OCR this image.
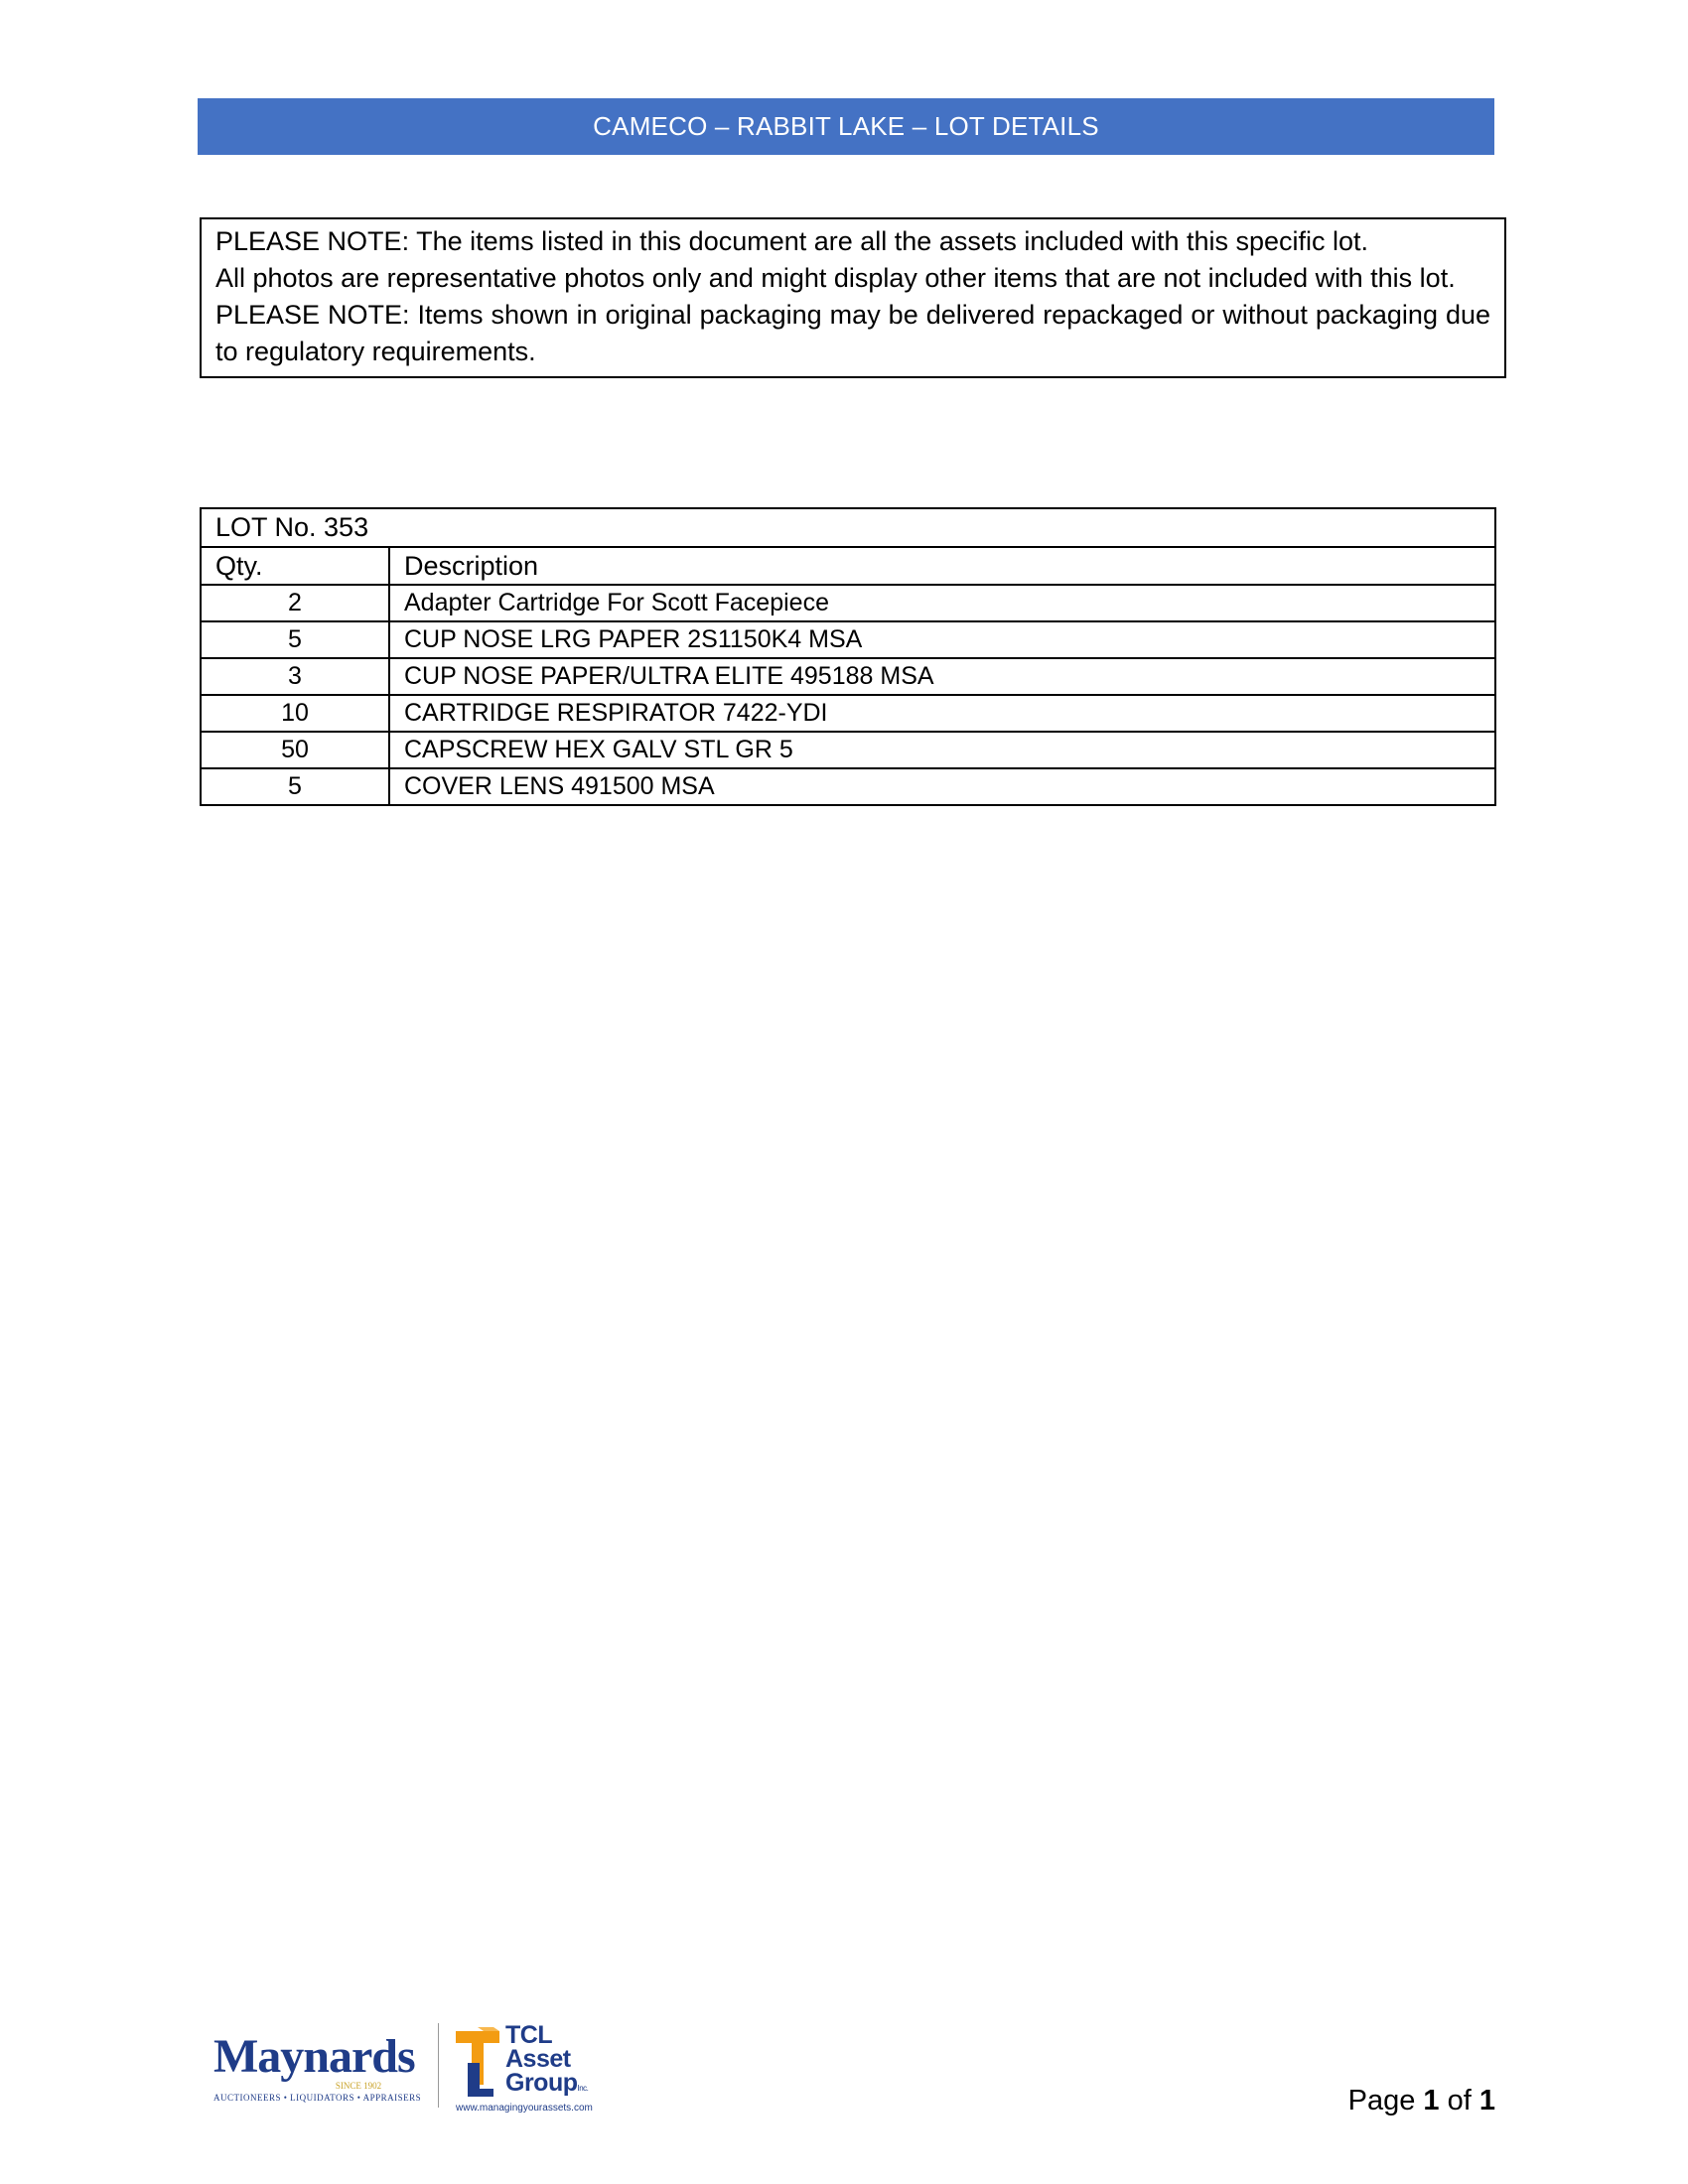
CAMECO – RABBIT LAKE – LOT DETAILS

PLEASE NOTE: The items listed in this document are all the assets included with this specific lot.

All photos are representative photos only and might display other items that are not included with this lot.

PLEASE NOTE: Items shown in original packaging may be delivered repackaged or without packaging due to regulatory requirements.

LOT No. 353	
Qty.	Description
2	Adapter Cartridge For Scott Facepiece
5	CUP NOSE LRG PAPER 2S1150K4 MSA
3	CUP NOSE PAPER/ULTRA ELITE 495188 MSA
10	CARTRIDGE RESPIRATOR 7422-YDI
50	CAPSCREW HEX GALV STL GR 5
5	COVER LENS 491500 MSA
Maynards
SINCE 1902
AUCTIONEERS • LIQUIDATORS • APPRAISERS
TCL
Asset
GroupInc.
www.managingyourassets.com	Page 1 of 1
